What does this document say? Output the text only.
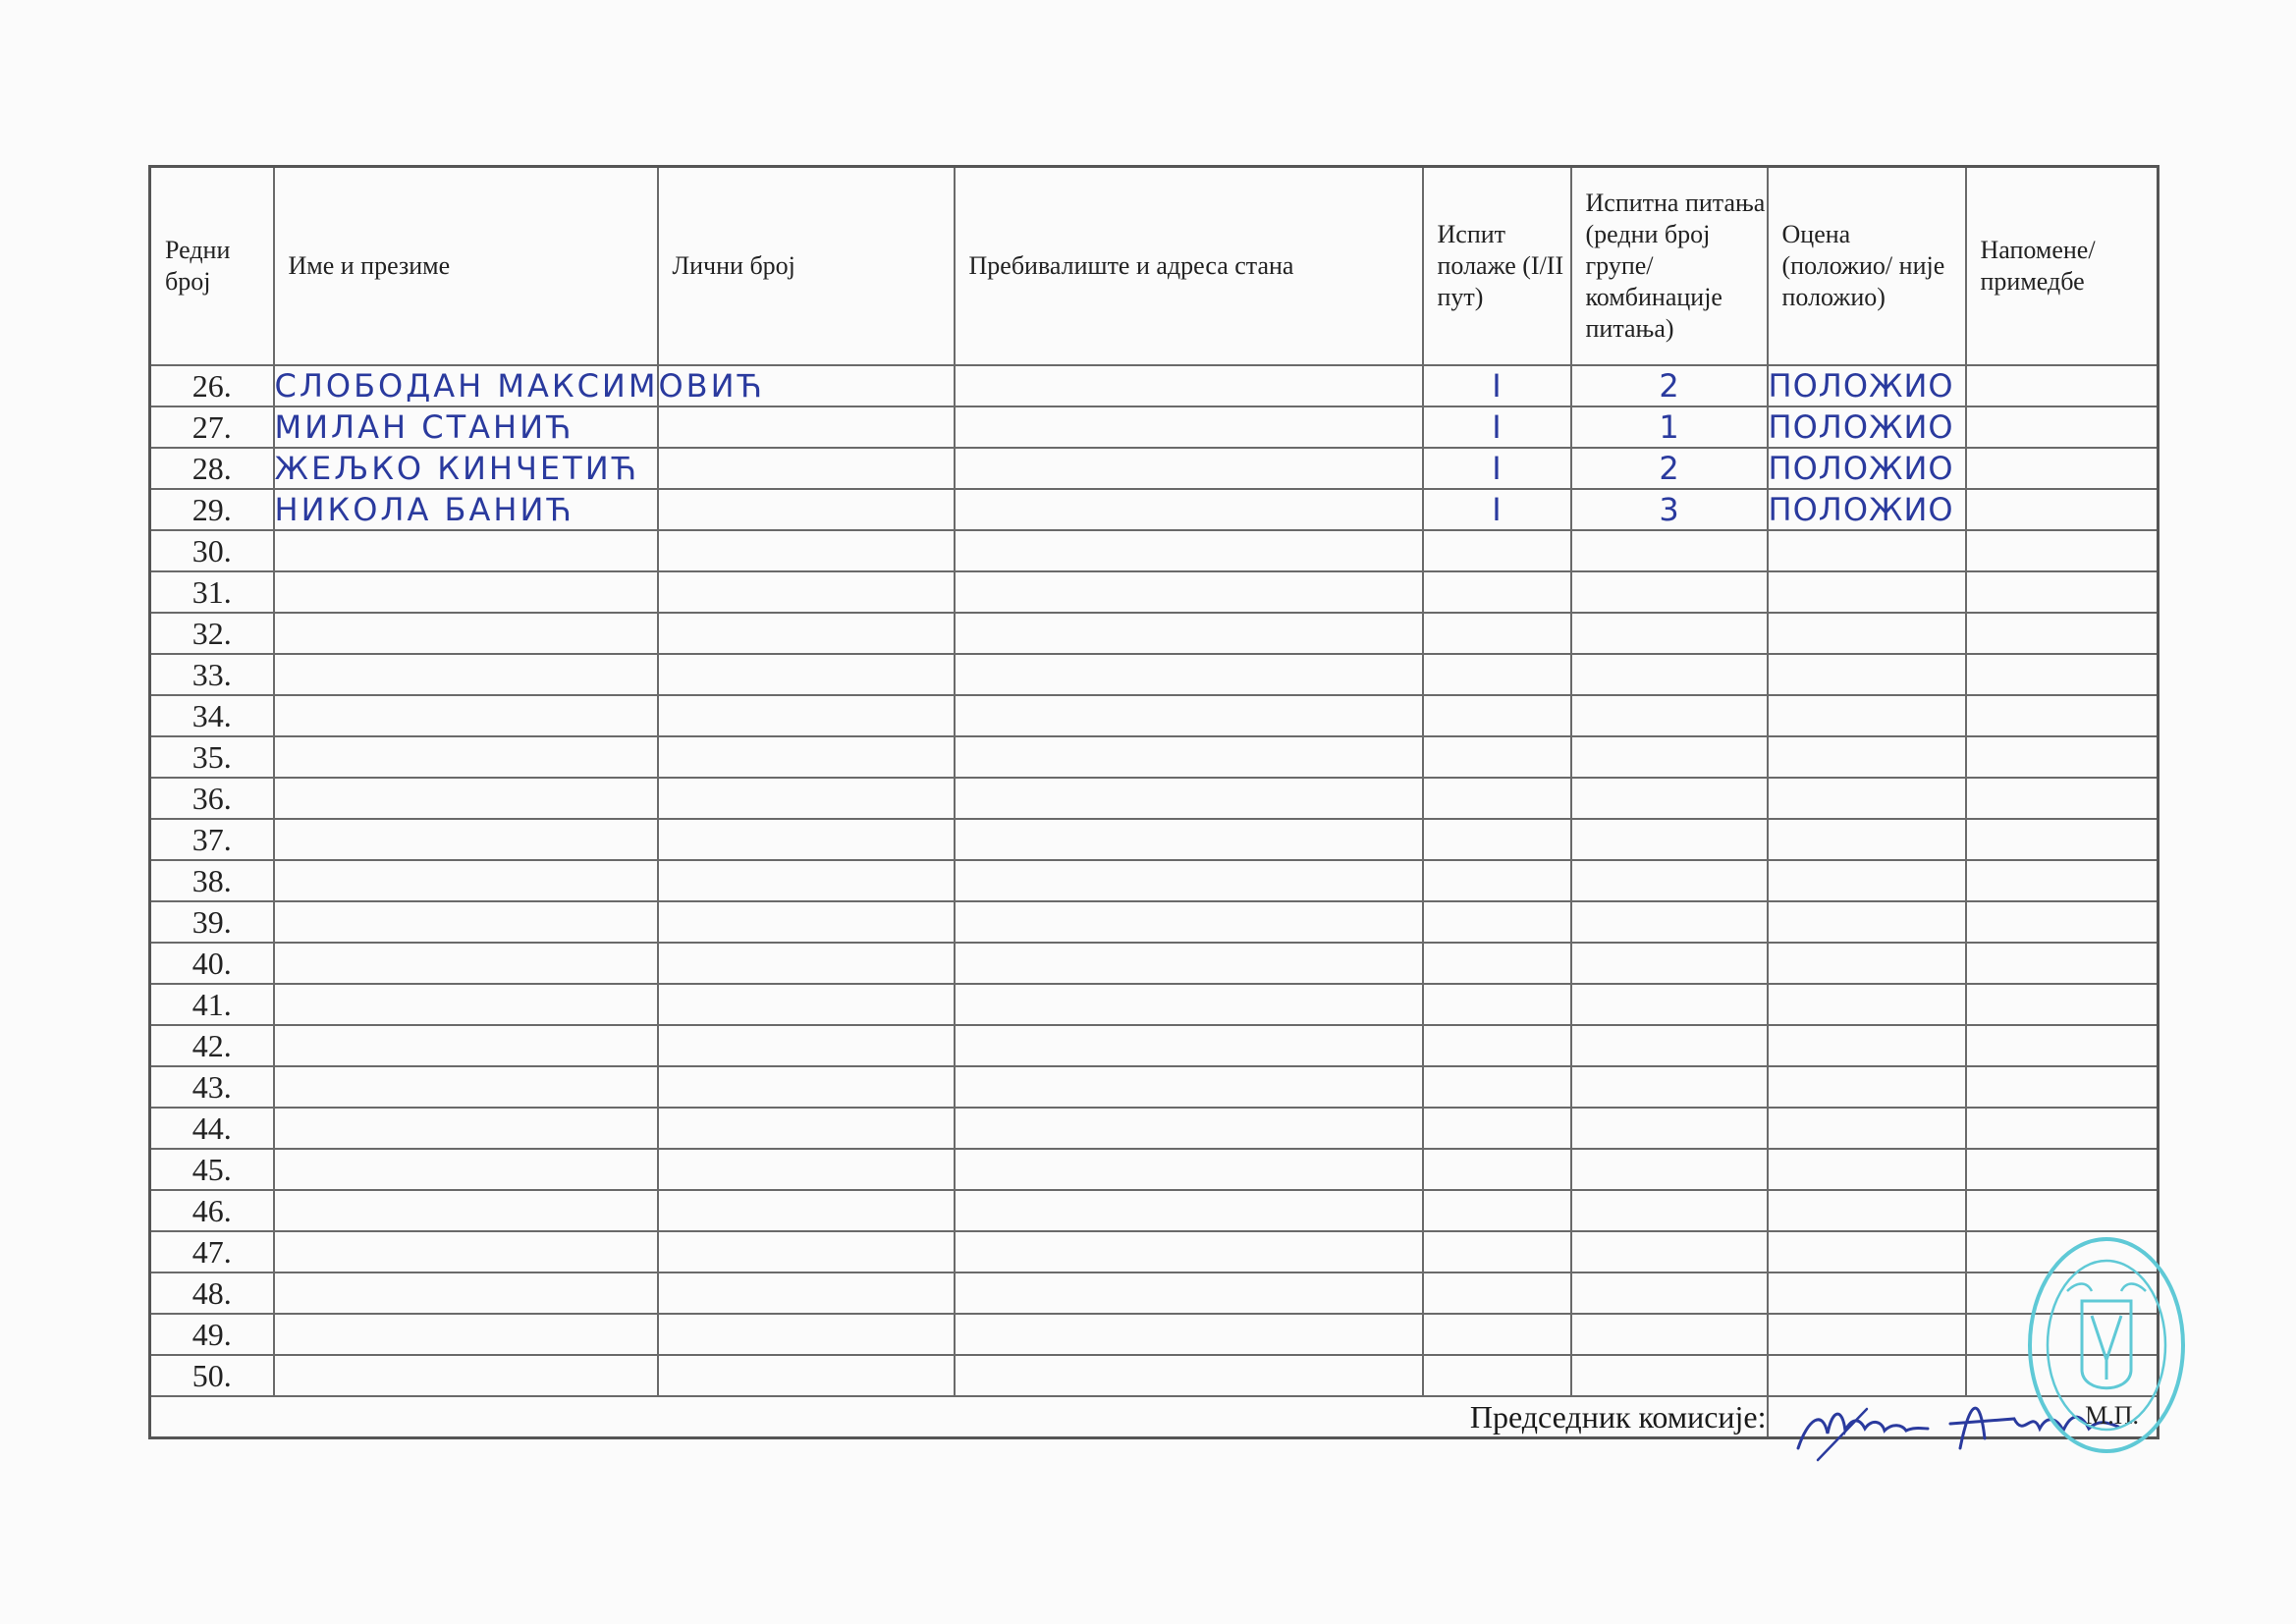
Редни број	Име и презиме	Лични број	Пребивалиште и адреса стана	Испит полаже (I/II пут)	Испитна питања (редни број групе/ комбинације питања)	Оцена (положио/ није положио)	Напомене/ примедбе
26.	СЛОБОДАН МАКСИМОВИЋ			I	2	ПОЛОЖИО	
27.	МИЛАН СТАНИЋ			I	1	ПОЛОЖИО	
28.	ЖЕЉКО КИНЧЕТИЋ			I	2	ПОЛОЖИО	
29.	НИКОЛА БАНИЋ			I	3	ПОЛОЖИО	
30.							
31.							
32.							
33.							
34.							
35.							
36.							
37.							
38.							
39.							
40.							
41.							
42.							
43.							
44.							
45.							
46.							
47.							
48.							
49.							
50.							
Председник комисије:						М.П.	
